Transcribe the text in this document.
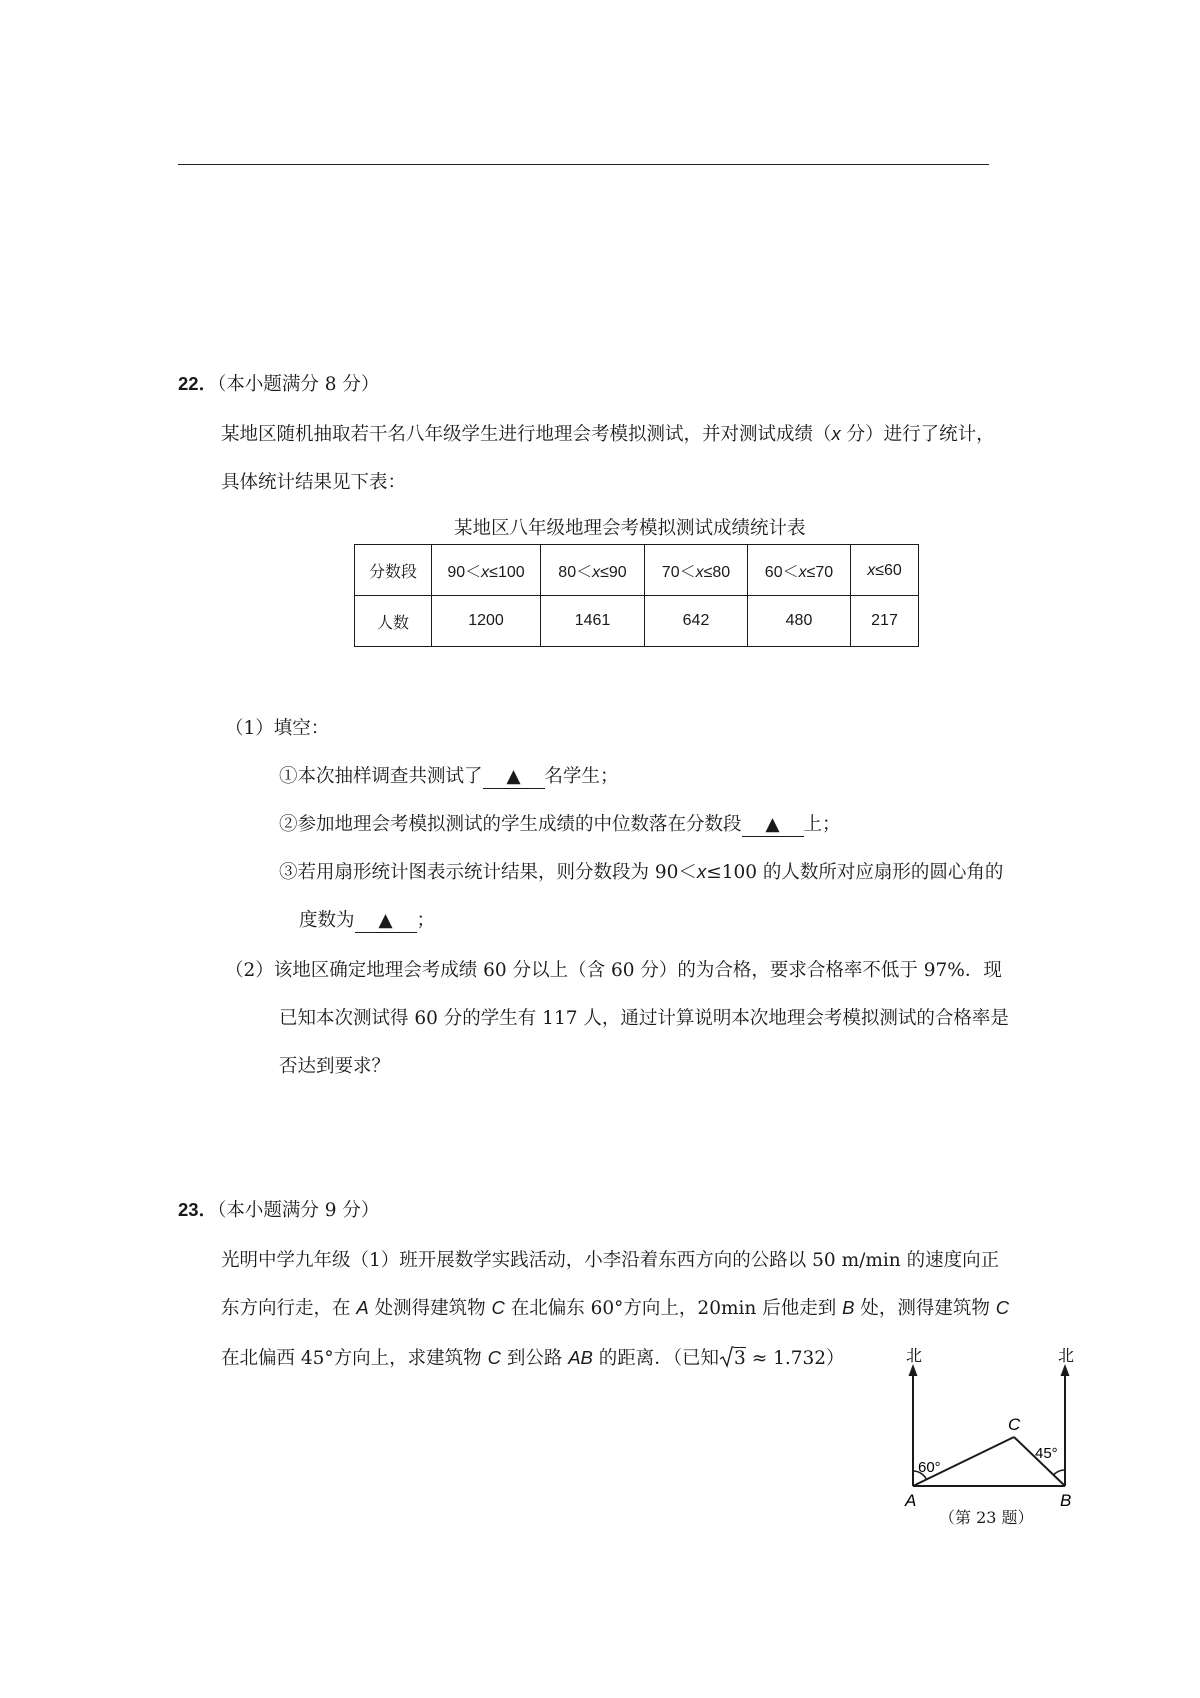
22．（本小题满分 8 分）
某地区随机抽取若干名八年级学生进行地理会考模拟测试，并对测试成绩（x 分）进行了统计，
具体统计结果见下表：
某地区八年级地理会考模拟测试成绩统计表
分数段	90＜x≤100	80＜x≤90	70＜x≤80	60＜x≤70	x≤60
人数	1200	1461	642	480	217
（1）填空：
①本次抽样调查共测试了 ▲ 名学生；
②参加地理会考模拟测试的学生成绩的中位数落在分数段 ▲ 上；
③若用扇形统计图表示统计结果，则分数段为 90＜x≤100 的人数所对应扇形的圆心角的
度数为 ▲ ；
（2）该地区确定地理会考成绩 60 分以上（含 60 分）的为合格，要求合格率不低于 97%．现
已知本次测试得 60 分的学生有 117 人，通过计算说明本次地理会考模拟测试的合格率是
否达到要求？
23．（本小题满分 9 分）
光明中学九年级（1）班开展数学实践活动，小李沿着东西方向的公路以 50 m/min 的速度向正
东方向行走，在 A 处测得建筑物 C 在北偏东 60°方向上，20min 后他走到 B 处，测得建筑物 C
在北偏西 45°方向上，求建筑物 C 到公路 AB 的距离．（已知 3 ≈ 1.732）	北	北
60°
45°
C
A	B
（第 23 题）
